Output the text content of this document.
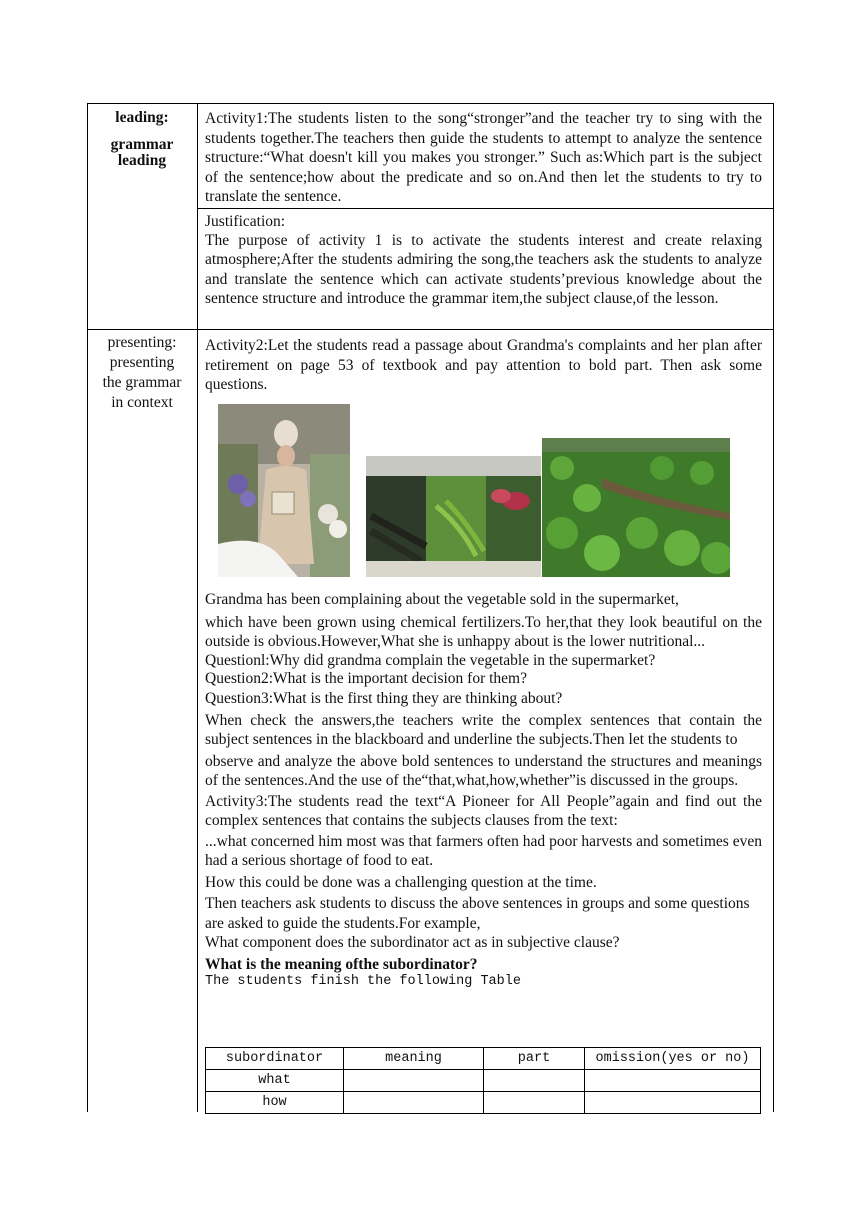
leading:
grammar
leading

Activity1:The students listen to the song“stronger”and the teacher try to sing with the students together.The teachers then guide the students to attempt to analyze the sentence structure:“What doesn't kill you makes you stronger.” Such as:Which part is the subject of the sentence;how about the predicate and so on.And then let the students to try to translate the sentence.

Justification:

The purpose of activity 1 is to activate the students interest and create relaxing atmosphere;After the students admiring the song,the teachers ask the students to analyze and translate the sentence which can activate students’previous knowledge about the sentence structure and introduce the grammar item,the subject clause,of the lesson.

presenting:
presenting
the grammar
in context

Activity2:Let the students read a passage about Grandma's complaints and her plan after retirement on page 53 of textbook and pay attention to bold part. Then ask some questions.

Grandma has been complaining about the vegetable sold in the supermarket,

which have been grown using chemical fertilizers.To her,that they look beautiful on the outside is obvious.However,What she is unhappy about is the lower nutritional...

Questionl:Why did grandma complain the vegetable in the supermarket?

Question2:What is the important decision for them?

Question3:What is the first thing they are thinking about?

When check the answers,the teachers write the complex sentences that contain the subject sentences in the blackboard and underline the subjects.Then let the students to

observe and analyze the above bold sentences to understand the structures and meanings of the sentences.And the use of the“that,what,how,whether”is discussed in the groups.

Activity3:The students read the text“A Pioneer for All People”again and find out the complex sentences that contains the subjects clauses from the text:

...what concerned him most was that farmers often had poor harvests and sometimes even had a serious shortage of food to eat.

How this could be done was a challenging question at the time.

Then teachers ask students to discuss the above sentences in groups and some questions are asked to guide the students.For example,

What component does the subordinator act as in subjective clause?

What is the meaning ofthe subordinator?

The students finish the following Table

subordinator	meaning	part	omission(yes or no)
what			
how			
